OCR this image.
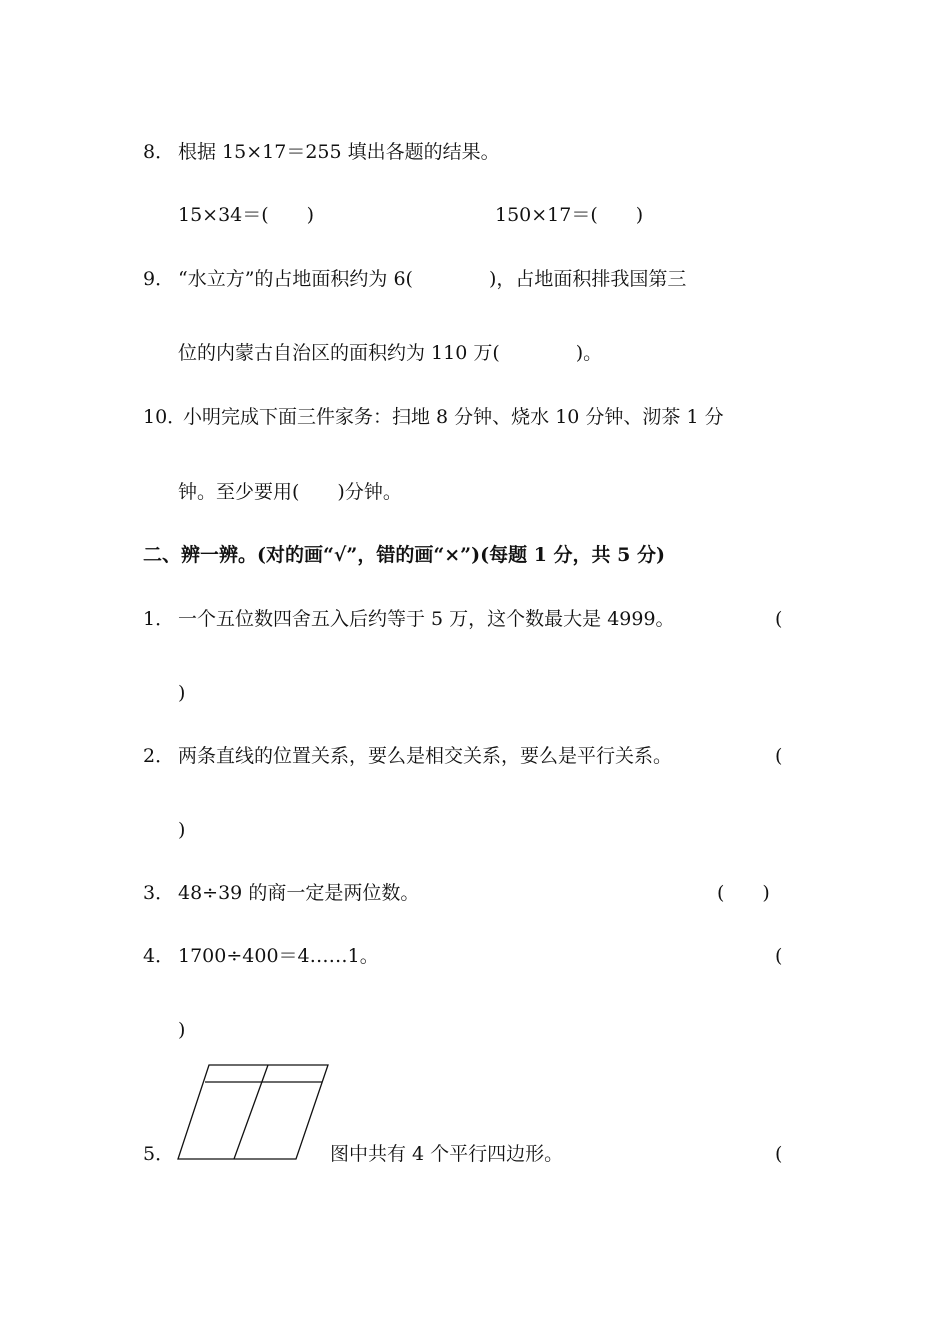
8． 根据 15×17＝255 填出各题的结果。
15×34＝(　　)	150×17＝(　　)
9． “水立方”的占地面积约为 6(　　　　)，占地面积排我国第三
位的内蒙古自治区的面积约为 110 万(　　　　)。
10．
小明完成下面三件家务：扫地 8 分钟、烧水 10 分钟、沏茶 1 分
钟。至少要用(　　)分钟。
二、辨一辨。(对的画“√”，错的画“×”)(每题 1 分，共 5 分)
1． 一个五位数四舍五入后约等于 5 万，这个数最大是 4999。	(
)
2． 两条直线的位置关系，要么是相交关系，要么是平行关系。	(
)
3． 48÷39 的商一定是两位数。	(　　)
4． 1700÷400＝4……1。	(
)
5．	图中共有 4 个平行四边形。	(
